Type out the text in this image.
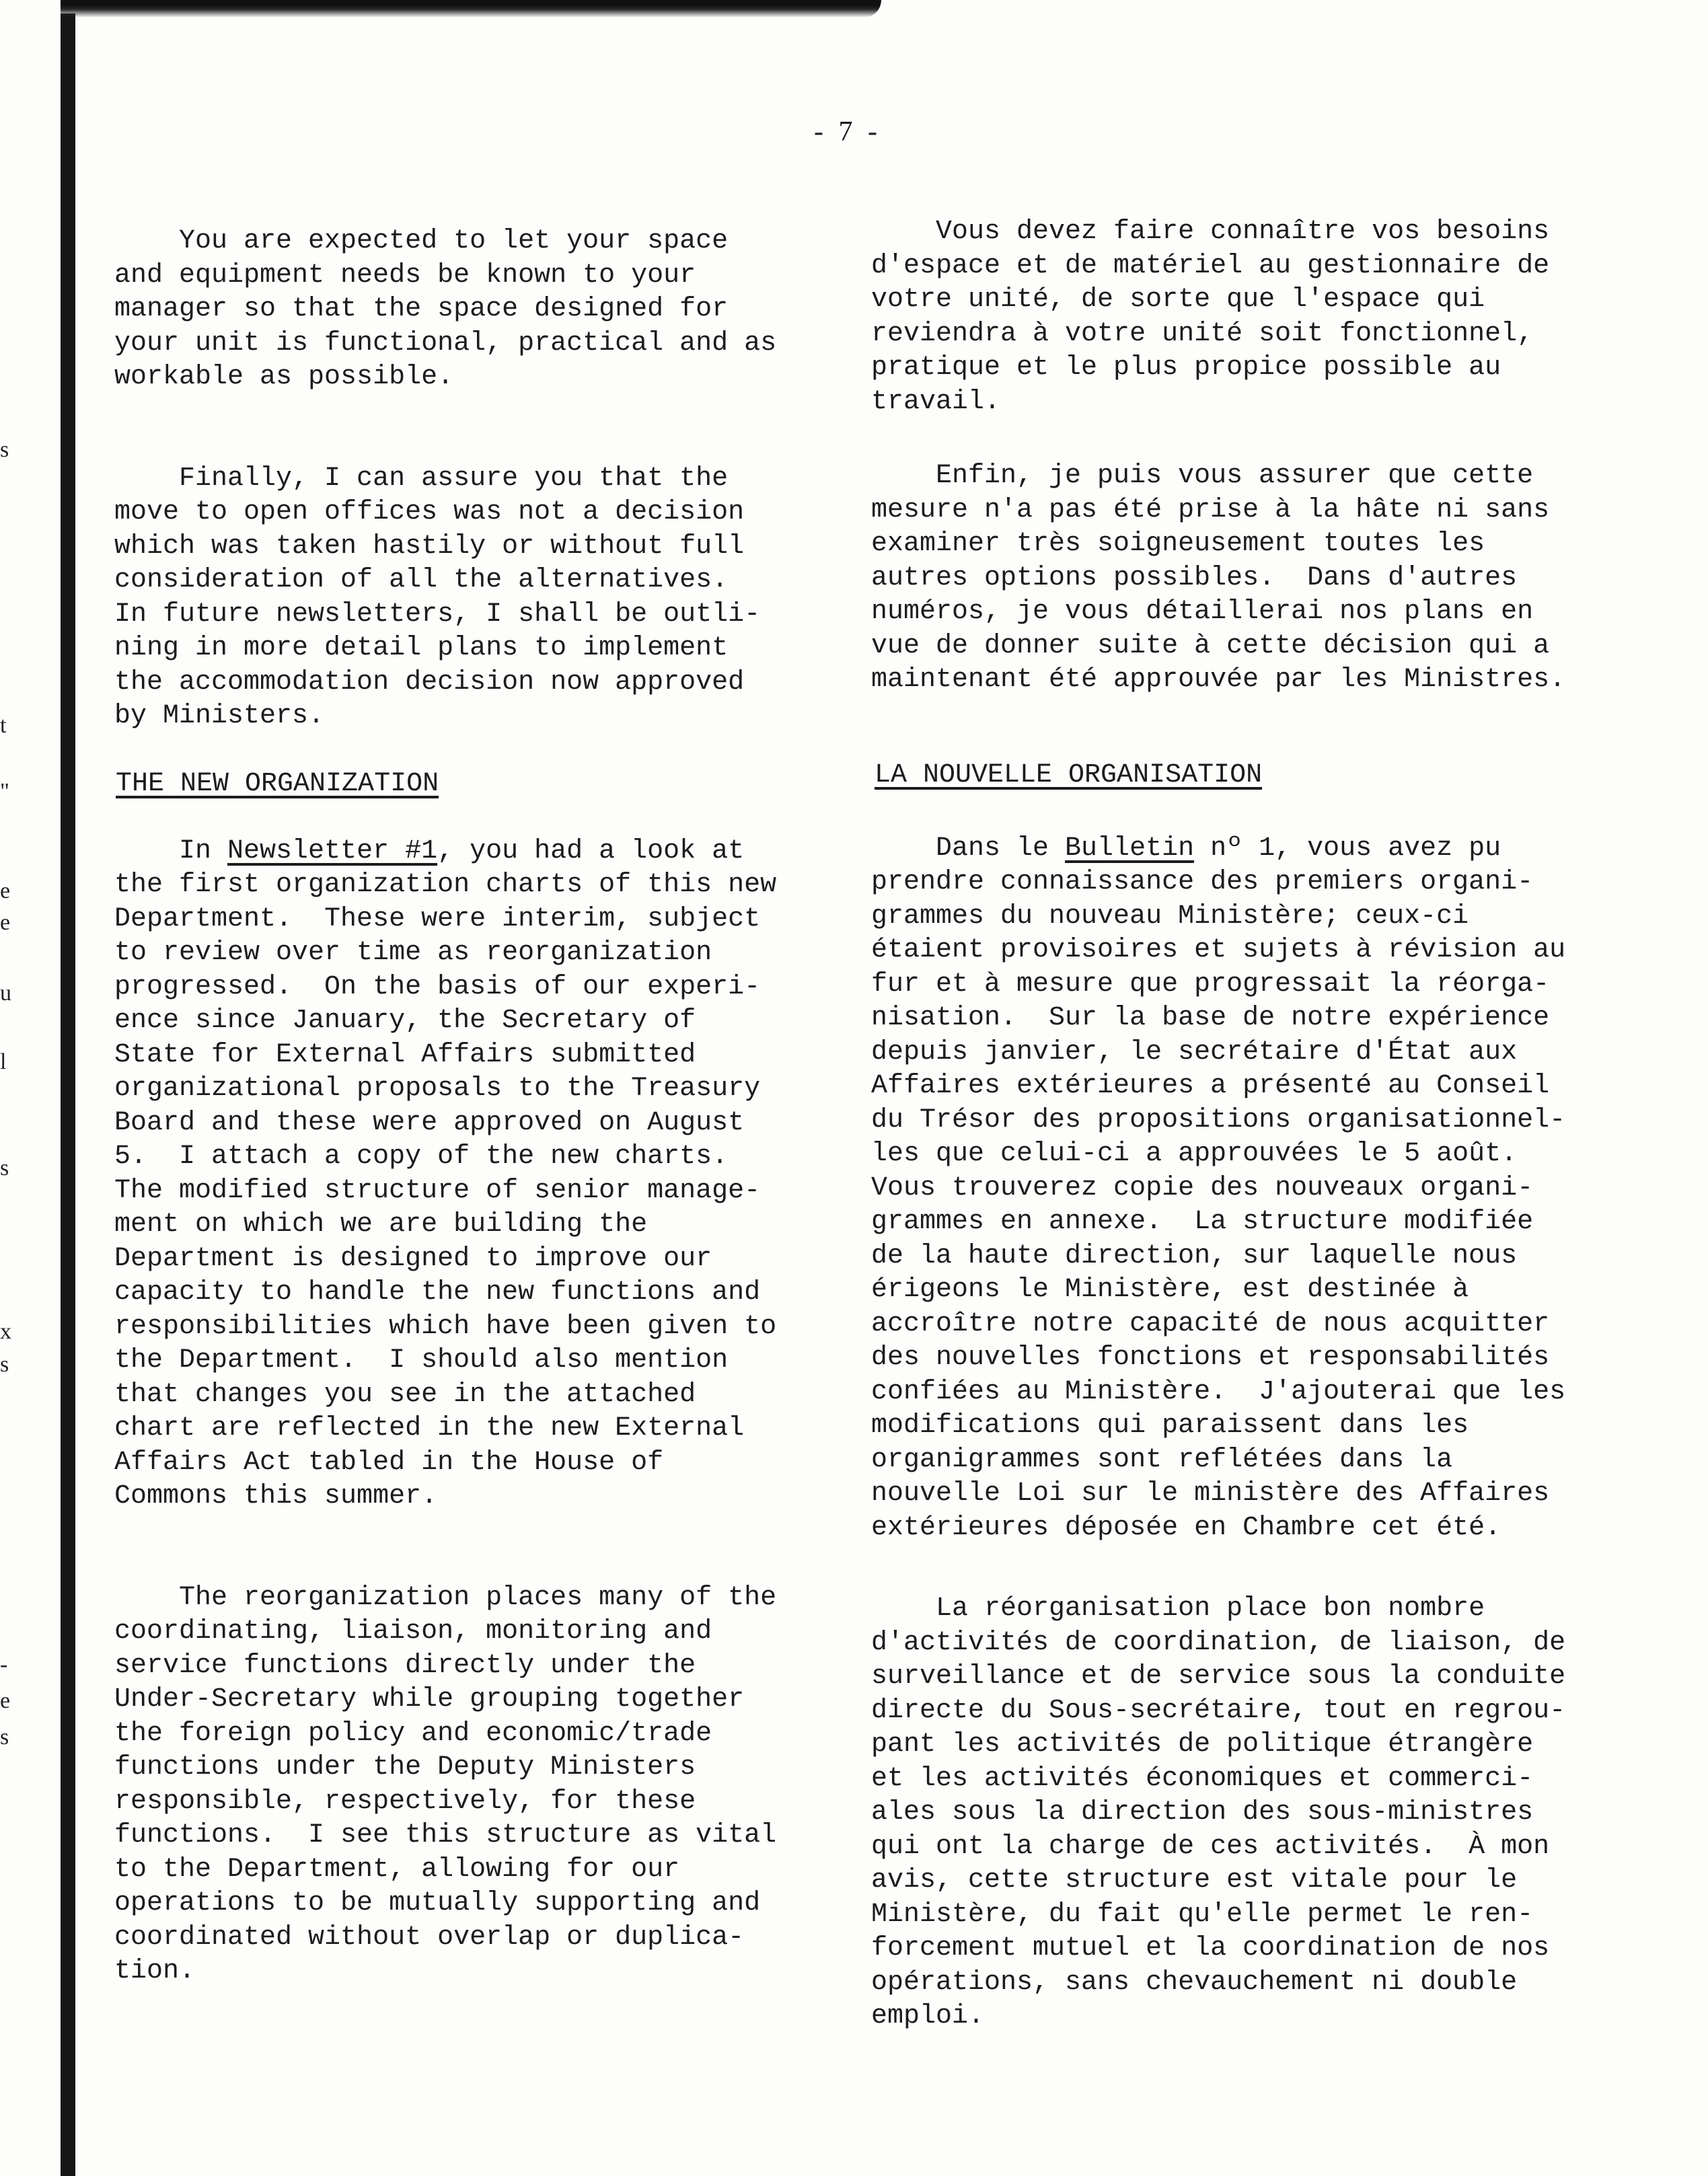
s
t
"
e
e
u
l
s
x
s
-
e
s
- 7 -

You are expected to let your space
and equipment needs be known to your
manager so that the space designed for
your unit is functional, practical and as
workable as possible.

Finally, I can assure you that the
move to open offices was not a decision
which was taken hastily or without full
consideration of all the alternatives.
In future newsletters, I shall be outli-
ning in more detail plans to implement
the accommodation decision now approved
by Ministers.

In Newsletter #1, you had a look at
the first organization charts of this new
Department.  These were interim, subject
to review over time as reorganization
progressed.  On the basis of our experi-
ence since January, the Secretary of
State for External Affairs submitted
organizational proposals to the Treasury
Board and these were approved on August
5.  I attach a copy of the new charts.
The modified structure of senior manage-
ment on which we are building the
Department is designed to improve our
capacity to handle the new functions and
responsibilities which have been given to
the Department.  I should also mention
that changes you see in the attached
chart are reflected in the new External
Affairs Act tabled in the House of
Commons this summer.

The reorganization places many of the
coordinating, liaison, monitoring and
service functions directly under the
Under-Secretary while grouping together
the foreign policy and economic/trade
functions under the Deputy Ministers
responsible, respectively, for these
functions.  I see this structure as vital
to the Department, allowing for our
operations to be mutually supporting and
coordinated without overlap or duplica-
tion.

THE NEW ORGANIZATION

Vous devez faire connaître vos besoins
d'espace et de matériel au gestionnaire de
votre unité, de sorte que l'espace qui
reviendra à votre unité soit fonctionnel,
pratique et le plus propice possible au
travail.

Enfin, je puis vous assurer que cette
mesure n'a pas été prise à la hâte ni sans
examiner très soigneusement toutes les
autres options possibles.  Dans d'autres
numéros, je vous détaillerai nos plans en
vue de donner suite à cette décision qui a
maintenant été approuvée par les Ministres.

Dans le Bulletin nº 1, vous avez pu
prendre connaissance des premiers organi-
grammes du nouveau Ministère; ceux-ci
étaient provisoires et sujets à révision au
fur et à mesure que progressait la réorga-
nisation.  Sur la base de notre expérience
depuis janvier, le secrétaire d'État aux
Affaires extérieures a présenté au Conseil
du Trésor des propositions organisationnel-
les que celui-ci a approuvées le 5 août.
Vous trouverez copie des nouveaux organi-
grammes en annexe.  La structure modifiée
de la haute direction, sur laquelle nous
érigeons le Ministère, est destinée à
accroître notre capacité de nous acquitter
des nouvelles fonctions et responsabilités
confiées au Ministère.  J'ajouterai que les
modifications qui paraissent dans les
organigrammes sont reflétées dans la
nouvelle Loi sur le ministère des Affaires
extérieures déposée en Chambre cet été.

La réorganisation place bon nombre
d'activités de coordination, de liaison, de
surveillance et de service sous la conduite
directe du Sous-secrétaire, tout en regrou-
pant les activités de politique étrangère
et les activités économiques et commerci-
ales sous la direction des sous-ministres
qui ont la charge de ces activités.  À mon
avis, cette structure est vitale pour le
Ministère, du fait qu'elle permet le ren-
forcement mutuel et la coordination de nos
opérations, sans chevauchement ni double
emploi.

LA NOUVELLE ORGANISATION
